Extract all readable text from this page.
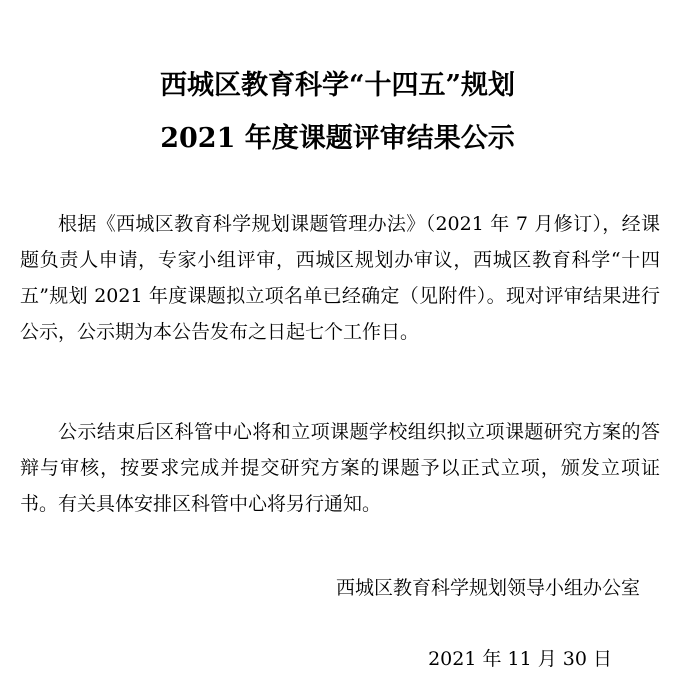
西城区教育科学“十四五”规划
2021 年度课题评审结果公示
根据《西城区教育科学规划课题管理办法》（2021 年 7 月修订），经课题负责人申请，专家小组评审，西城区规划办审议，西城区教育科学“十四五”规划 2021 年度课题拟立项名单已经确定（见附件）。现对评审结果进行公示，公示期为本公告发布之日起七个工作日。
公示结束后区科管中心将和立项课题学校组织拟立项课题研究方案的答辩与审核，按要求完成并提交研究方案的课题予以正式立项，颁发立项证书。有关具体安排区科管中心将另行通知。
西城区教育科学规划领导小组办公室
2021 年 11 月 30 日
